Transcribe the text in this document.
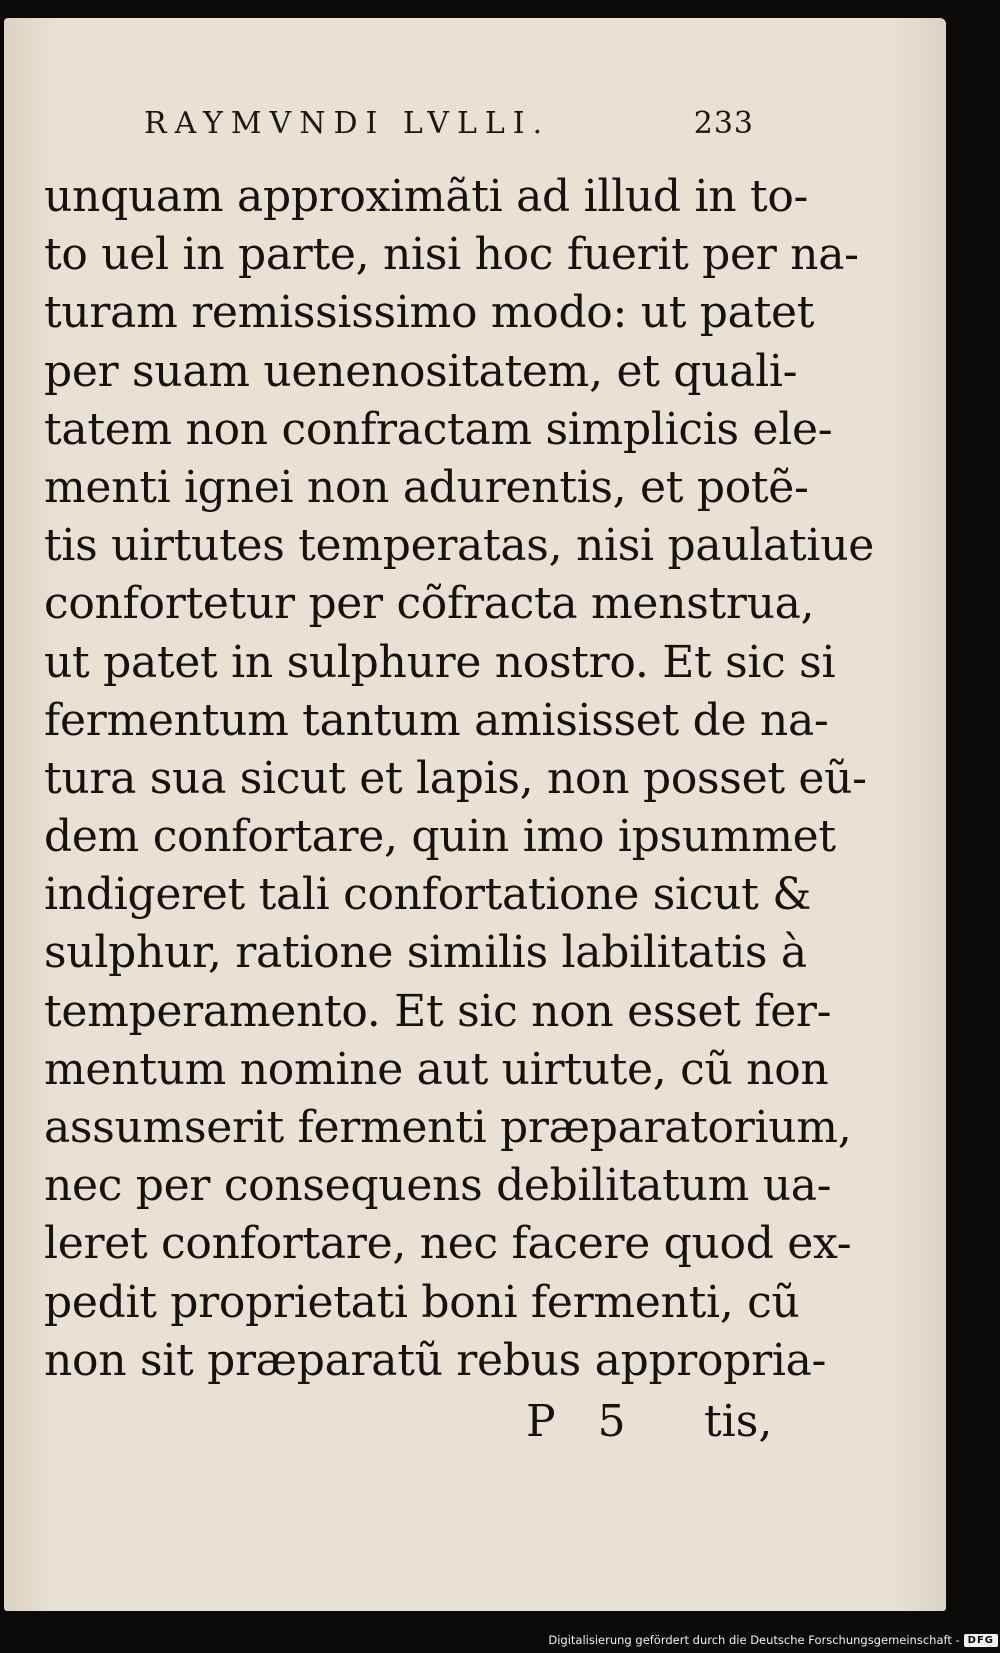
RAYMVNDI LVLLI.	233
unquam approximãti ad illud in to-
to uel in parte, nisi hoc fuerit per na-
turam remississimo modo: ut patet
per suam uenenositatem, et quali-
tatem non confractam simplicis ele-
menti ignei non adurentis, et potẽ-
tis uirtutes temperatas, nisi paulatiue
confortetur per cõfracta menstrua,
ut patet in sulphure nostro. Et sic si
fermentum tantum amisisset de na-
tura sua sicut et lapis, non posset eũ-
dem confortare, quin imo ipsummet
indigeret tali confortatione sicut &
sulphur, ratione similis labilitatis à
temperamento. Et sic non esset fer-
mentum nomine aut uirtute, cũ non
assumserit fermenti præparatorium,
nec per consequens debilitatum ua-
leret confortare, nec facere quod ex-
pedit proprietati boni fermenti, cũ
non sit præparatũ rebus appropria-
P 5 tis,
Digitalisierung gefördert durch die Deutsche Forschungsgemeinschaft - DFG
